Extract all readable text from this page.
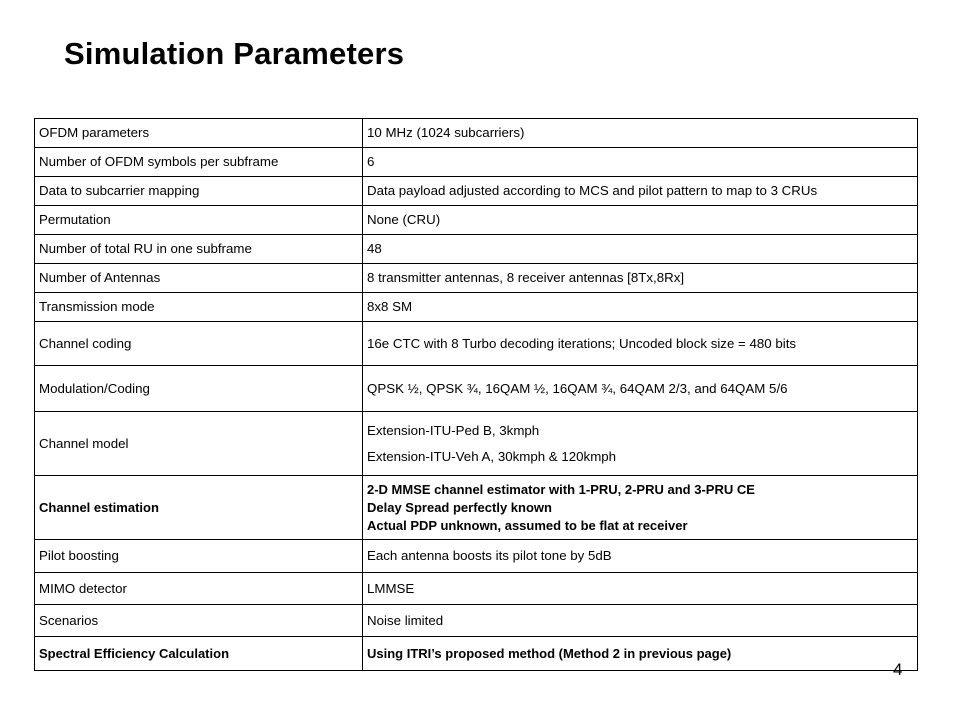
Simulation Parameters
OFDM parameters	10 MHz (1024 subcarriers)

Number of OFDM symbols per subframe	6

Data to subcarrier mapping	Data payload adjusted according to MCS and pilot pattern to map to 3 CRUs

Permutation	None (CRU)

Number of total RU in one subframe	48

Number of Antennas	8 transmitter antennas, 8 receiver antennas [8Tx,8Rx]

Transmission mode	8x8 SM

Channel coding	16e CTC with 8 Turbo decoding iterations; Uncoded block size = 480 bits

Modulation/Coding	QPSK ½, QPSK ¾, 16QAM ½, 16QAM ¾, 64QAM 2/3, and 64QAM 5/6

Channel model	Extension-ITU-Ped B, 3kmph
Extension-ITU-Veh A, 30kmph & 120kmph

Channel estimation	2-D MMSE channel estimator with 1-PRU, 2-PRU and 3-PRU CE
Delay Spread perfectly known
Actual PDP unknown, assumed to be flat at receiver

Pilot boosting	Each antenna boosts its pilot tone by 5dB

MIMO detector	LMMSE

Scenarios	Noise limited

Spectral Efficiency Calculation	Using ITRI’s proposed method (Method 2 in previous page)
4
